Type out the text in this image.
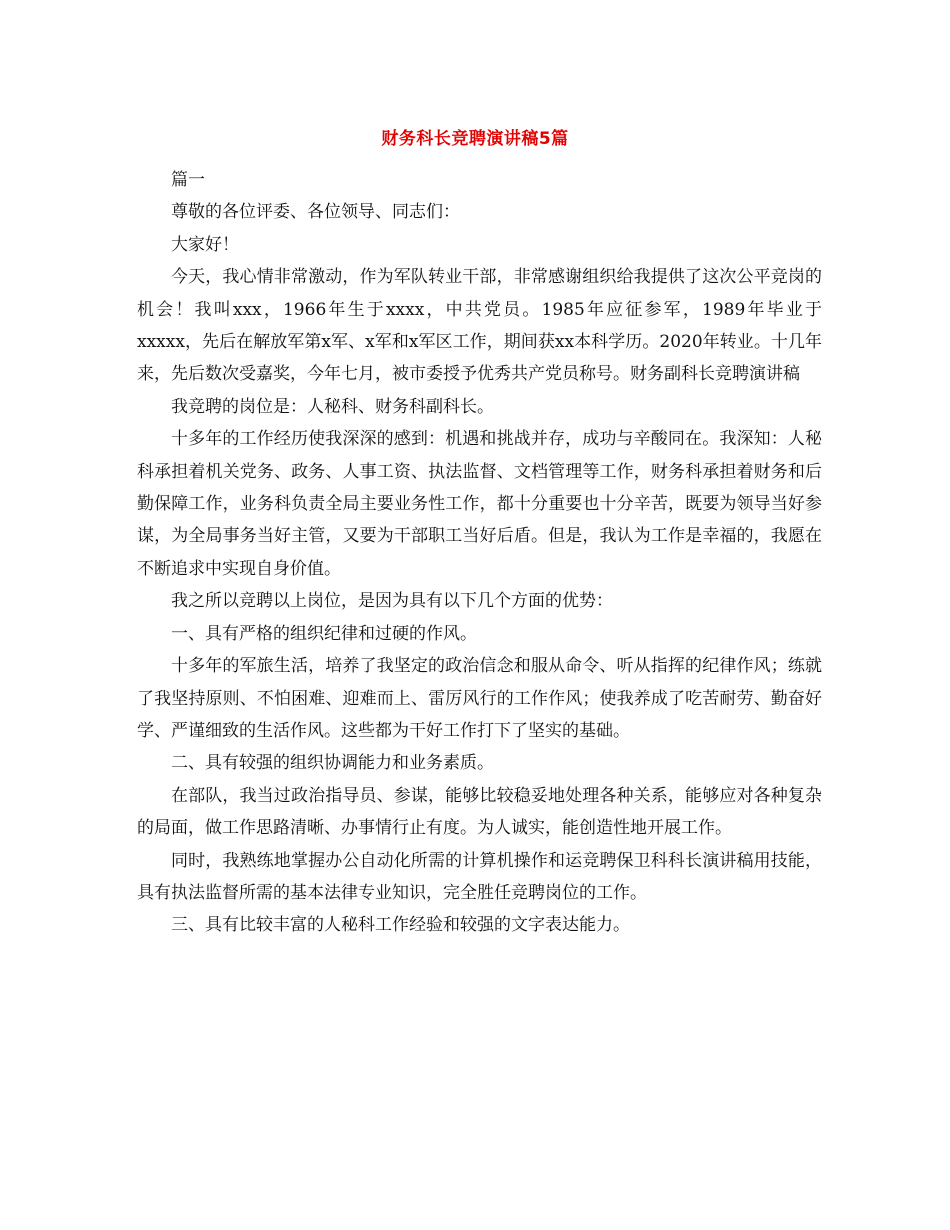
财务科长竞聘演讲稿5篇

篇一

尊敬的各位评委、各位领导、同志们：

大家好！

今天，我心情非常激动，作为军队转业干部，非常感谢组织给我提供了这次公平竞岗的机会！我叫xxx，1966年生于xxxx，中共党员。1985年应征参军，1989年毕业于xxxxx，先后在解放军第x军、x军和x军区工作，期间获xx本科学历。2020年转业。十几年来，先后数次受嘉奖，今年七月，被市委授予优秀共产党员称号。财务副科长竞聘演讲稿

我竞聘的岗位是：人秘科、财务科副科长。

十多年的工作经历使我深深的感到：机遇和挑战并存，成功与辛酸同在。我深知：人秘科承担着机关党务、政务、人事工资、执法监督、文档管理等工作，财务科承担着财务和后勤保障工作，业务科负责全局主要业务性工作，都十分重要也十分辛苦，既要为领导当好参谋，为全局事务当好主管，又要为干部职工当好后盾。但是，我认为工作是幸福的，我愿在不断追求中实现自身价值。

我之所以竞聘以上岗位，是因为具有以下几个方面的优势：

一、具有严格的组织纪律和过硬的作风。

十多年的军旅生活，培养了我坚定的政治信念和服从命令、听从指挥的纪律作风；练就了我坚持原则、不怕困难、迎难而上、雷厉风行的工作作风；使我养成了吃苦耐劳、勤奋好学、严谨细致的生活作风。这些都为干好工作打下了坚实的基础。

二、具有较强的组织协调能力和业务素质。

在部队，我当过政治指导员、参谋，能够比较稳妥地处理各种关系，能够应对各种复杂的局面，做工作思路清晰、办事情行止有度。为人诚实，能创造性地开展工作。

同时，我熟练地掌握办公自动化所需的计算机操作和运竞聘保卫科科长演讲稿用技能，具有执法监督所需的基本法律专业知识，完全胜任竞聘岗位的工作。

三、具有比较丰富的人秘科工作经验和较强的文字表达能力。
